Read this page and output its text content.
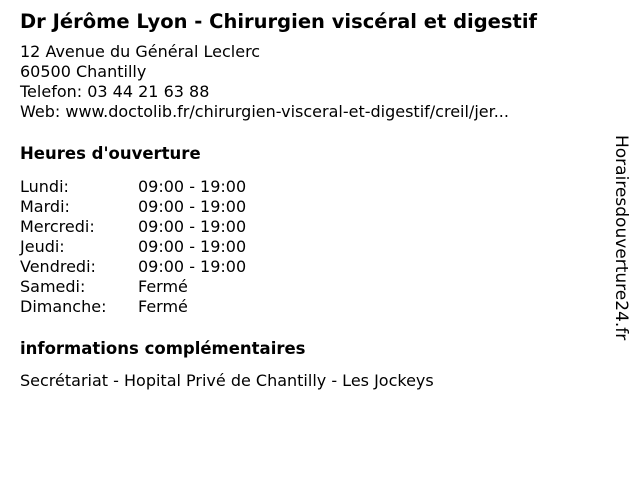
Dr Jérôme Lyon - Chirurgien viscéral et digestif
12 Avenue du Général Leclerc
60500 Chantilly
Telefon: 03 44 21 63 88
Web: www.doctolib.fr/chirurgien-visceral-et-digestif/creil/jer...
Heures d'ouverture
Lundi:	09:00 - 19:00
Mardi:	09:00 - 19:00
Mercredi:	09:00 - 19:00
Jeudi:	09:00 - 19:00
Vendredi:	09:00 - 19:00
Samedi:	Fermé
Dimanche:	Fermé
informations complémentaires
Secrétariat - Hopital Privé de Chantilly - Les Jockeys
Horairesdouverture24.fr
